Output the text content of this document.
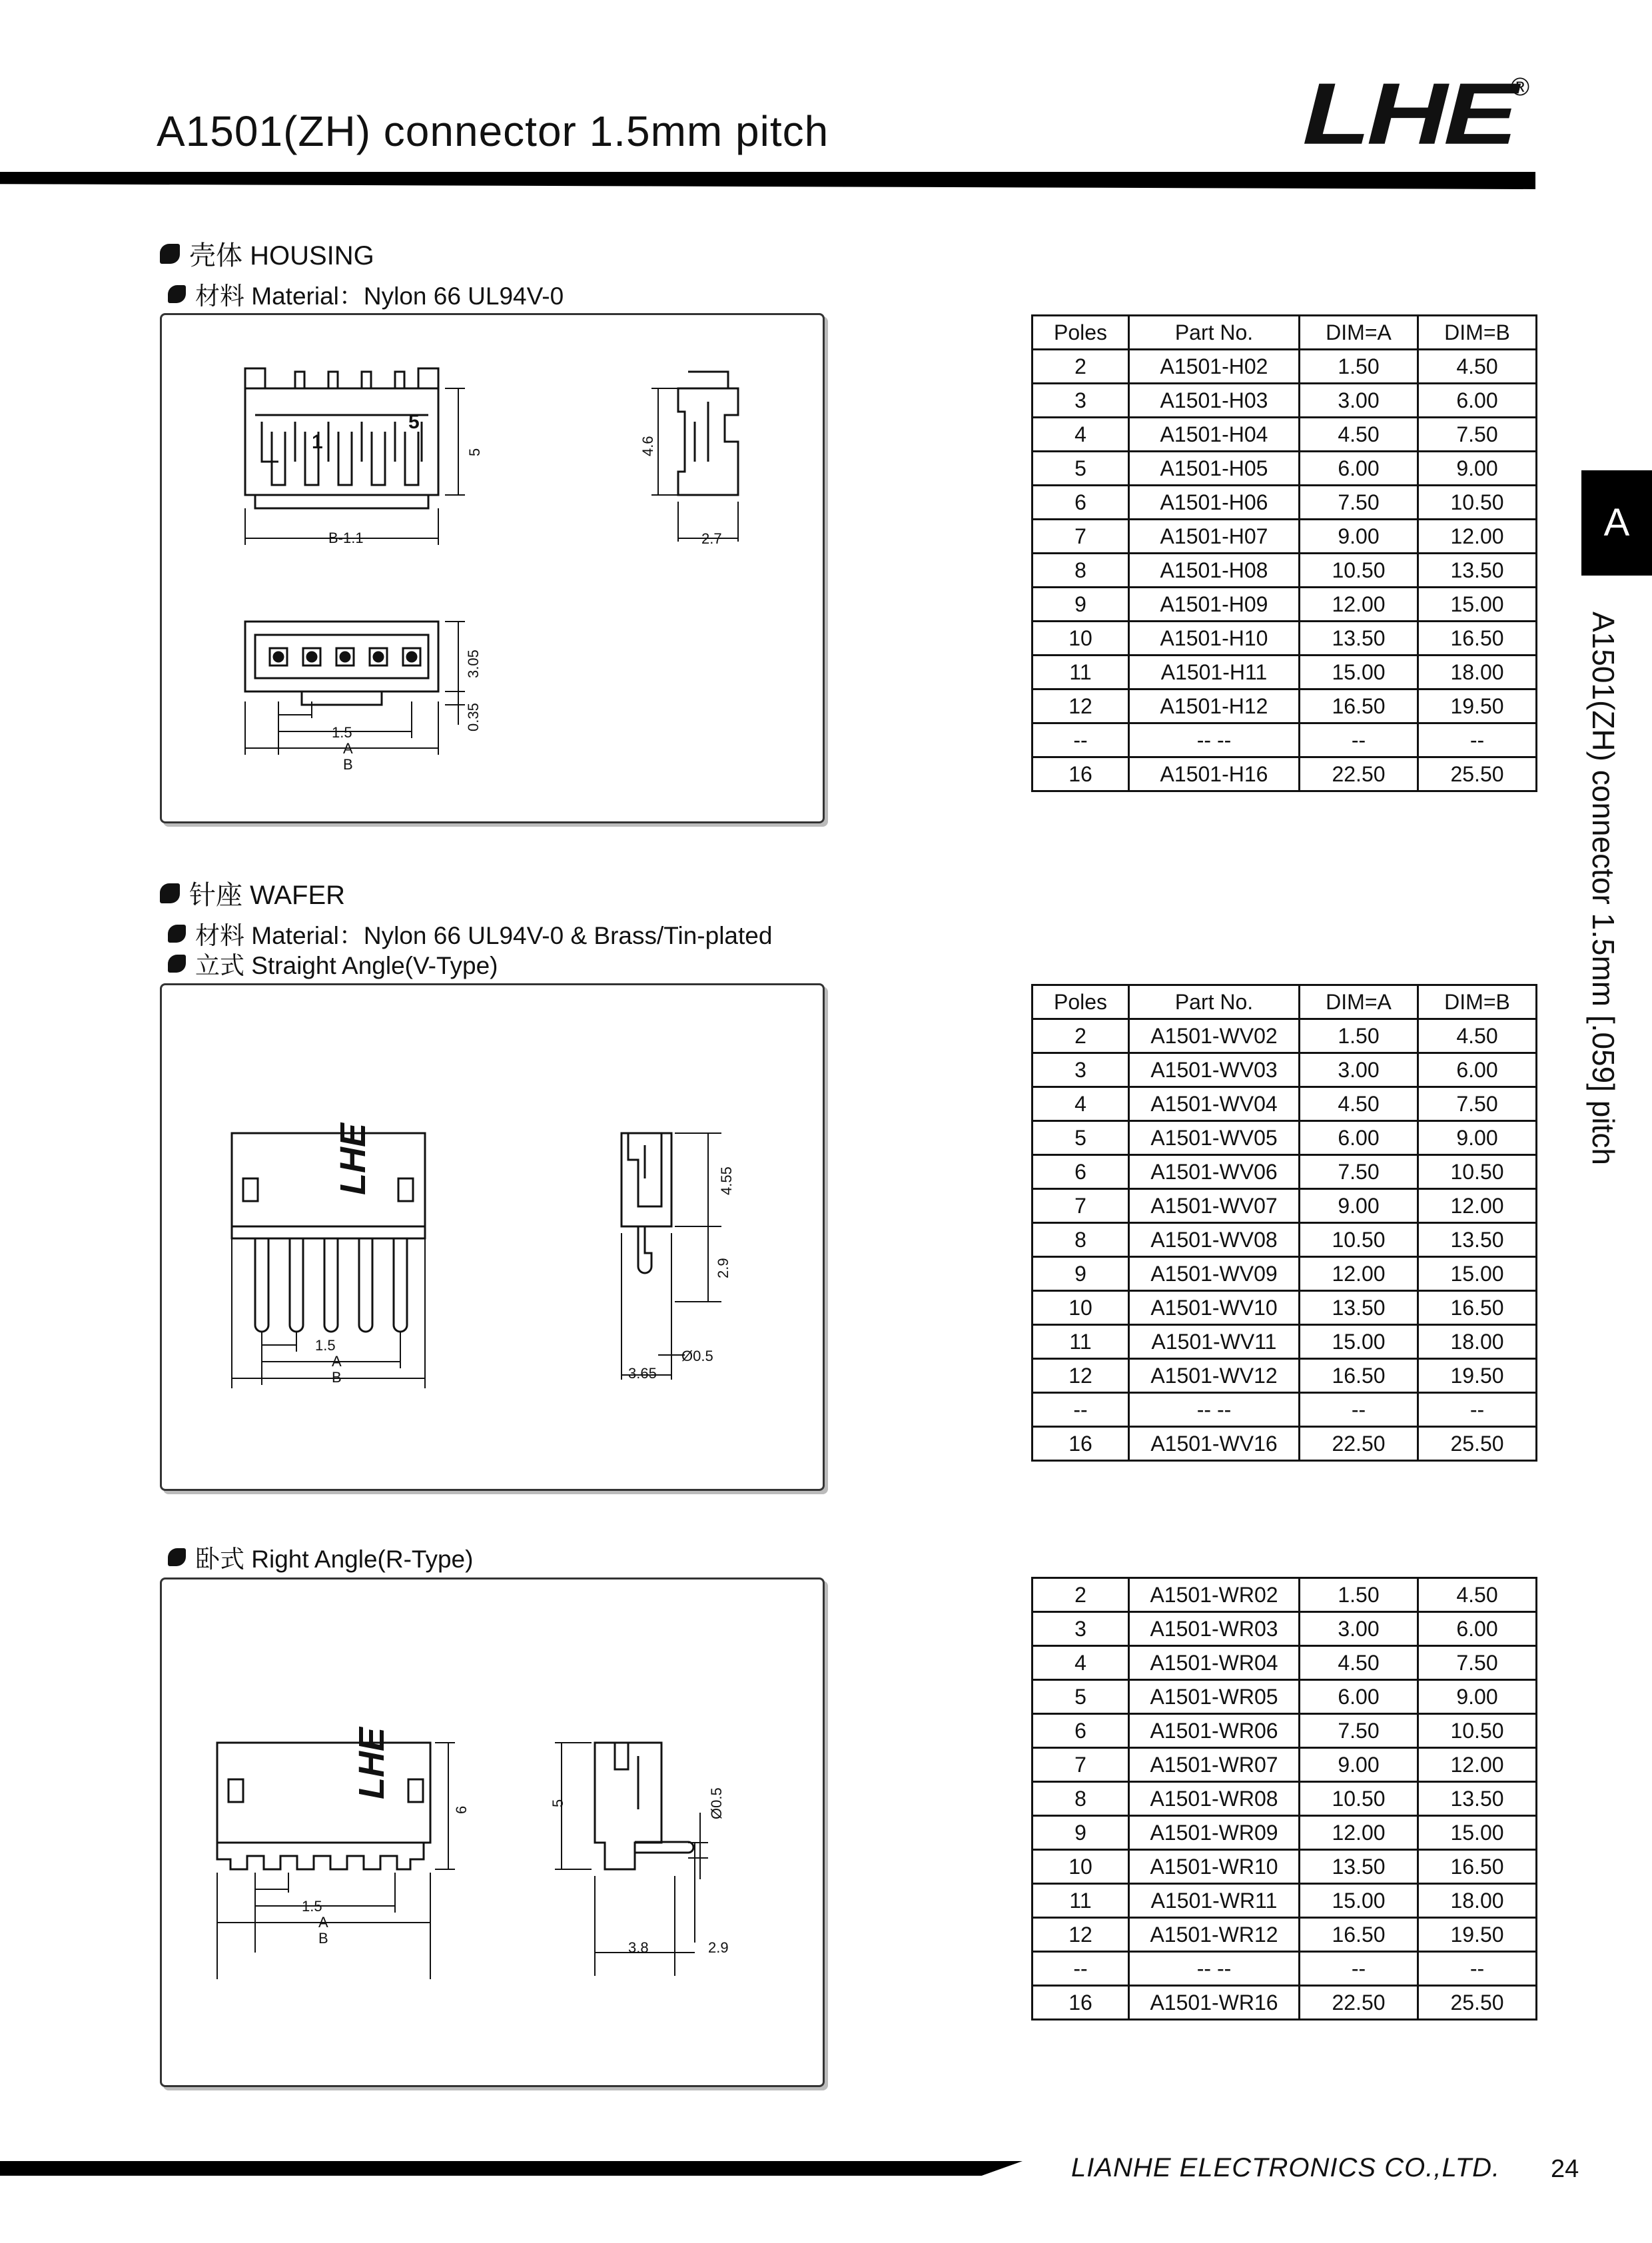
A1501(ZH) connector 1.5mm pitch	LHE
®
A
A1501(ZH) connector 1.5mm [.059] pitch
壳体 HOUSING
材料 Material：Nylon 66 UL94V-0
B-1.1
1
5
5	4.6
2.7
3.05
0.35
1.5
A
B
Poles	Part No.	DIM=A	DIM=B
2	A1501-H02	1.50	4.50
3	A1501-H03	3.00	6.00
4	A1501-H04	4.50	7.50
5	A1501-H05	6.00	9.00
6	A1501-H06	7.50	10.50
7	A1501-H07	9.00	12.00
8	A1501-H08	10.50	13.50
9	A1501-H09	12.00	15.00
10	A1501-H10	13.50	16.50
11	A1501-H11	15.00	18.00
12	A1501-H12	16.50	19.50
--	-- --	--	--
16	A1501-H16	22.50	25.50
针座 WAFER
材料 Material：Nylon 66 UL94V-0 & Brass/Tin-plated
立式 Straight Angle(V-Type)
LHE
1.5
A
B
4.55
2.9
Ø0.5
3.65
Poles	Part No.	DIM=A	DIM=B
2	A1501-WV02	1.50	4.50
3	A1501-WV03	3.00	6.00
4	A1501-WV04	4.50	7.50
5	A1501-WV05	6.00	9.00
6	A1501-WV06	7.50	10.50
7	A1501-WV07	9.00	12.00
8	A1501-WV08	10.50	13.50
9	A1501-WV09	12.00	15.00
10	A1501-WV10	13.50	16.50
11	A1501-WV11	15.00	18.00
12	A1501-WV12	16.50	19.50
--	-- --	--	--
16	A1501-WV16	22.50	25.50
卧式 Right Angle(R-Type)
LHE
1.5
A
B
6
5	Ø0.5
3.8	2.9
2	A1501-WR02	1.50	4.50
3	A1501-WR03	3.00	6.00
4	A1501-WR04	4.50	7.50
5	A1501-WR05	6.00	9.00
6	A1501-WR06	7.50	10.50
7	A1501-WR07	9.00	12.00
8	A1501-WR08	10.50	13.50
9	A1501-WR09	12.00	15.00
10	A1501-WR10	13.50	16.50
11	A1501-WR11	15.00	18.00
12	A1501-WR12	16.50	19.50
--	-- --	--	--
16	A1501-WR16	22.50	25.50
LIANHE ELECTRONICS CO.,LTD. 24
